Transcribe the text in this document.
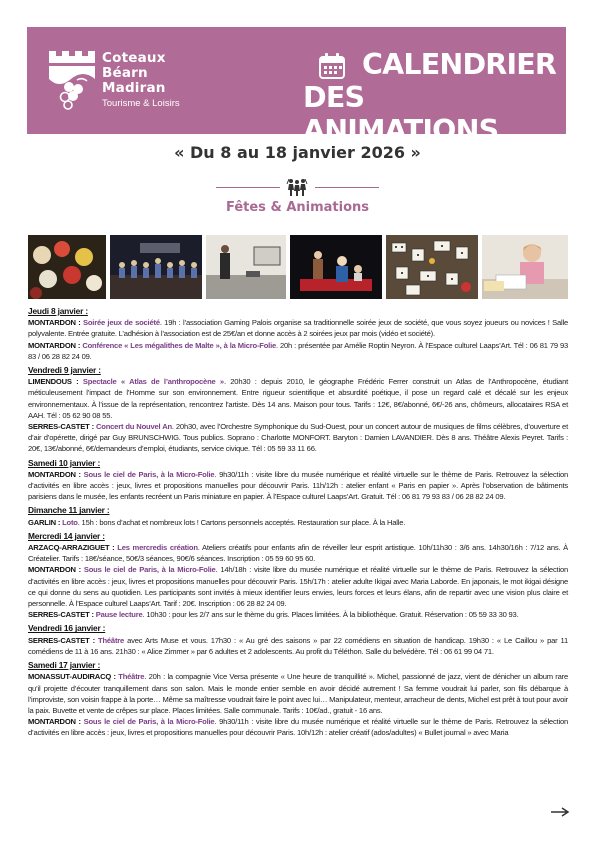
Coteaux
Béarn
Madiran
Tourisme & Loisirs
CALENDRIER
DES ANIMATIONS
« Du 8 au 18 janvier 2026 »
Fêtes & Animations
Jeudi 8 janvier :

MONTARDON : Soirée jeux de société. 19h : l’association Gaming Palois organise sa traditionnelle soirée jeux de société, que vous soyez joueurs ou novices ! Salle polyvalente. Entrée gratuite. L’adhésion à l’association est de 25€/an et donne accès à 2 soirées jeux par mois (vidéo et société).

MONTARDON : Conférence « Les mégalithes de Malte », à la Micro-Folie. 20h : présentée par Amélie Roptin Neyron. À l’Espace culturel Laaps’Art. Tél : 06 81 79 93 83 / 06 28 82 24 09.

Vendredi 9 janvier :

LIMENDOUS : Spectacle « Atlas de l’anthropocène ». 20h30 : depuis 2010, le géographe Frédéric Ferrer construit un Atlas de l’Anthropocène, étudiant méticuleusement l’impact de l’Homme sur son environnement. Entre rigueur scientifique et absurdité poétique, il pose un regard calé et décalé sur les enjeux environnementaux. À l’issue de la représentation, rencontrez l’artiste. Dès 14 ans. Maison pour tous. Tarifs : 12€, 8€/abonné, 6€/-26 ans, chômeurs, allocataires RSA et AAH. Tél : 05 62 90 08 55.

SERRES-CASTET : Concert du Nouvel An. 20h30, avec l’Orchestre Symphonique du Sud-Ouest, pour un concert autour de musiques de films célèbres, d’ouverture et d’air d’opérette, dirigé par Guy BRUNSCHWIG. Tous publics. Soprano : Charlotte MONFORT. Baryton : Damien LAVANDIER. Dès 8 ans. Théâtre Alexis Peyret. Tarifs : 20€, 13€/abonné, 6€/demandeurs d’emploi, étudiants, service civique. Tél : 05 59 33 11 66.

Samedi 10 janvier :

MONTARDON : Sous le ciel de Paris, à la Micro-Folie. 9h30/11h : visite libre du musée numérique et réalité virtuelle sur le thème de Paris. Retrouvez la sélection d’activités en libre accès : jeux, livres et propositions manuelles pour découvrir Paris. 11h/12h : atelier enfant « Paris en papier ». Après l’observation de bâtiments parisiens dans le musée, les enfants recréent un Paris miniature en papier. À l’Espace culturel Laaps’Art. Gratuit. Tél : 06 81 79 93 83 / 06 28 82 24 09.

Dimanche 11 janvier :

GARLIN : Loto. 15h : bons d’achat et nombreux lots ! Cartons personnels acceptés. Restauration sur place. À la Halle.

Mercredi 14 janvier :

ARZACQ-ARRAZIGUET : Les mercredis création. Ateliers créatifs pour enfants afin de réveiller leur esprit artistique. 10h/11h30 : 3/6 ans. 14h30/16h : 7/12 ans. À Créatelier. Tarifs : 18€/séance, 50€/3 séances, 90€/6 séances. Inscription : 05 59 60 95 60.

MONTARDON : Sous le ciel de Paris, à la Micro-Folie. 14h/18h : visite libre du musée numérique et réalité virtuelle sur le thème de Paris. Retrouvez la sélection d’activités en libre accès : jeux, livres et propositions manuelles pour découvrir Paris. 15h/17h : atelier adulte Ikigai avec Maria Laborde. En japonais, le mot ikigai désigne ce qui donne du sens au quotidien. Les participants sont invités à mieux identifier leurs envies, leurs forces et leurs élans, afin de repartir avec une vision plus claire et personnelle. À l’Espace culturel Laaps’Art. Tarif : 20€. Inscription : 06 28 82 24 09.

SERRES-CASTET : Pause lecture. 10h30 : pour les 2/7 ans sur le thème du gris. Places limitées. À la bibliothèque. Gratuit. Réservation : 05 59 33 30 93.

Vendredi 16 janvier :

SERRES-CASTET : Théâtre avec Arts Muse et vous. 17h30 : « Au gré des saisons » par 22 comédiens en situation de handicap. 19h30 : « Le Caillou » par 11 comédiens de 11 à 16 ans. 21h30 : « Alice Zimmer » par 6 adultes et 2 adolescents. Au profit du Téléthon. Salle du belvédère. Tél : 06 61 99 04 71.

Samedi 17 janvier :

MONASSUT-AUDIRACQ : Théâtre. 20h : la compagnie Vice Versa présente « Une heure de tranquillité ». Michel, passionné de jazz, vient de dénicher un album rare qu’il projette d’écouter tranquillement dans son salon. Mais le monde entier semble en avoir décidé autrement ! Sa femme voudrait lui parler, son fils débarque à l’improviste, son voisin frappe à la porte… Même sa maîtresse voudrait faire le point avec lui… Manipulateur, menteur, arracheur de dents, Michel est prêt à tout pour avoir la paix. Buvette et vente de crêpes sur place. Places limitées. Salle communale. Tarifs : 10€/ad., gratuit - 16 ans.

MONTARDON : Sous le ciel de Paris, à la Micro-Folie. 9h30/11h : visite libre du musée numérique et réalité virtuelle sur le thème de Paris. Retrouvez la sélection d’activités en libre accès : jeux, livres et propositions manuelles pour découvrir Paris. 10h/12h : atelier créatif (ados/adultes) « Bullet journal » avec Maria
